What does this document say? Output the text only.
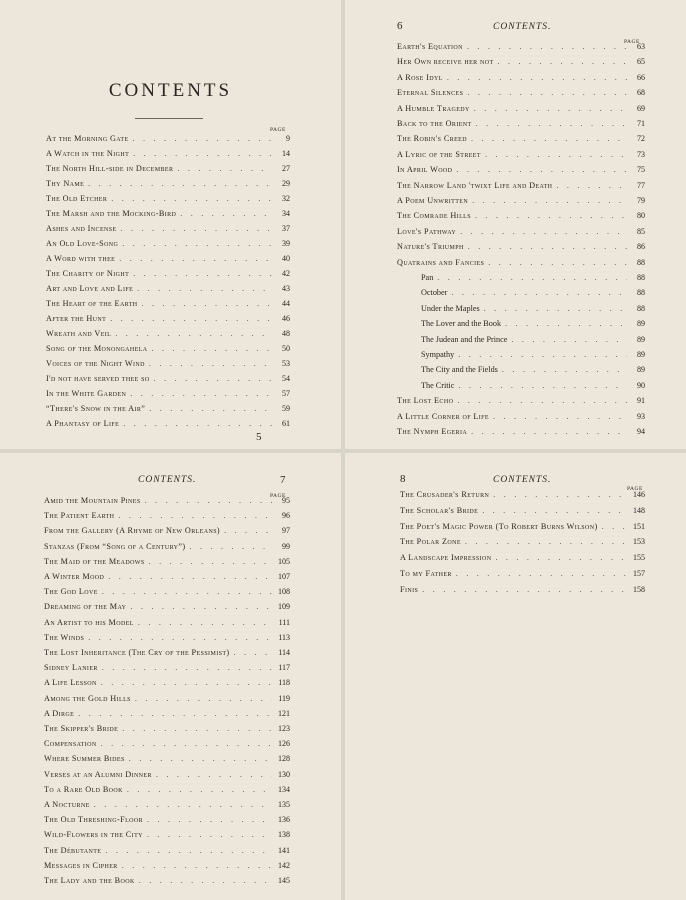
CONTENTS
PAGE
At the Morning Gate . . .	9
A Watch in the Night . . .	14
The North Hill-side in December . . .	27
Thy Name . . .	29
The Old Etcher . . .	32
The Marsh and the Mocking-Bird . . .	34
Ashes and Incense . . .	37
An Old Love-Song . . .	39
A Word with thee . . .	40
The Charity of Night . . .	42
Art and Love and Life . . .	43
The Heart of the Earth . . .	44
After the Hunt . . .	46
Wreath and Veil . . .	48
Song of the Monongahela . . .	50
Voices of the Night Wind . . .	53
I'd not have served thee so . . .	54
In the White Garden . . .	57
“There's Snow in the Air” . . .	59
A Phantasy of Life . . .	61
5
6	CONTENTS.
PAGE
Earth's Equation . . .	63
Her Own receive her not . . .	65
A Rose Idyl . . .	66
Eternal Silences . . .	68
A Humble Tragedy . . .	69
Back to the Orient . . .	71
The Robin's Creed . . .	72
A Lyric of the Street . . .	73
In April Wood . . .	75
The Narrow Land 'twixt Life and Death . . .	77
A Poem Unwritten . . .	79
The Comrade Hills . . .	80
Love's Pathway . . .	85
Nature's Triumph . . .	86
Quatrains and Fancies . . .	88
Pan . . .	88
October . . .	88
Under the Maples . . .	88
The Lover and the Book . . .	89
The Judean and the Prince . . .	89
Sympathy . . .	89
The City and the Fields . . .	89
The Critic . . .	90
The Lost Echo . . .	91
A Little Corner of Life . . .	93
The Nymph Egeria . . .	94
CONTENTS.	7
PAGE
Amid the Mountain Pines . . .	95
The Patient Earth . . .	96
From the Gallery (A Rhyme of New Orleans) . . .	97
Stanzas (From “Song of a Century”) . . .	99
The Maid of the Meadows . . .	105
A Winter Mood . . .	107
The God Love . . .	108
Dreaming of the May . . .	109
An Artist to his Model . . .	111
The Winds . . .	113
The Lost Inheritance (The Cry of the Pessimist) . . .	114
Sidney Lanier . . .	117
A Life Lesson . . .	118
Among the Gold Hills . . .	119
A Dirge . . .	121
The Skipper's Bride . . .	123
Compensation . . .	126
Where Summer Bides . . .	128
Verses at an Alumni Dinner . . .	130
To a Rare Old Book . . .	134
A Nocturne . . .	135
The Old Threshing-Floor . . .	136
Wild-Flowers in the City . . .	138
The Débutante . . .	141
Messages in Cipher . . .	142
The Lady and the Book . . .	145
8	CONTENTS.
PAGE
The Crusader's Return . . .	146
The Scholar's Bride . . .	148
The Poet's Magic Power (To Robert Burns Wilson) . . .	151
The Polar Zone . . .	153
A Landscape Impression . . .	155
To my Father . . .	157
Finis . . .	158
